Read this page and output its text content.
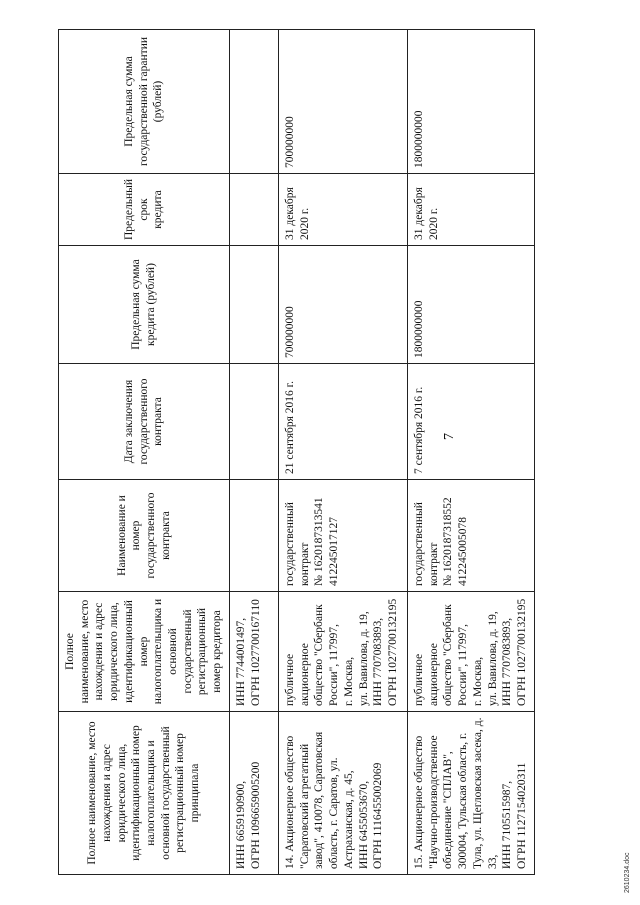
7
Полное наименование, место нахождения и адрес юридического лица, идентификационный номер налогоплательщика и основной государственный регистрационный номер принципала	Полное наименование, место нахождения и адрес юридического лица, идентификационный номер налогоплательщика и основной государственный регистрационный номер кредитора	Наименование и номер государственного контракта	Дата заключения государственного контракта	Предельная сумма кредита (рублей)	Предельный срок кредита	Предельная сумма государственной гарантии (рублей)

ИНН 6659190900,
ОГРН 1096659005200	ИНН 7744001497,
ОГРН 1027700167110					

14. Акционерное общество "Саратовский агрегатный завод", 410078, Саратовская область, г. Саратов, ул. Астраханская, д. 45,
ИНН 6455053670,
ОГРН 1116455002069	публичное акционерное общество "Сбербанк России", 117997,
г. Москва,
ул. Вавилова, д. 19,
ИНН 7707083893,
ОГРН 1027700132195	государственный контракт
№ 1620187313541 412245017127	21 сентября 2016 г.	700000000	31 декабря 2020 г.	700000000

15. Акционерное общество "Научно-производственное объединение "СПЛАВ", 300004, Тульская область, г. Тула, ул. Щегловская засека, д. 33,
ИНН 7105515987,
ОГРН 1127154020311	публичное акционерное общество "Сбербанк России", 117997,
г. Москва,
ул. Вавилова, д. 19,
ИНН 7707083893,
ОГРН 1027700132195	государственный контракт
№ 1620187318552 412245005078	7 сентября 2016 г.	1800000000	31 декабря 2020 г.	1800000000
2610234.doc
